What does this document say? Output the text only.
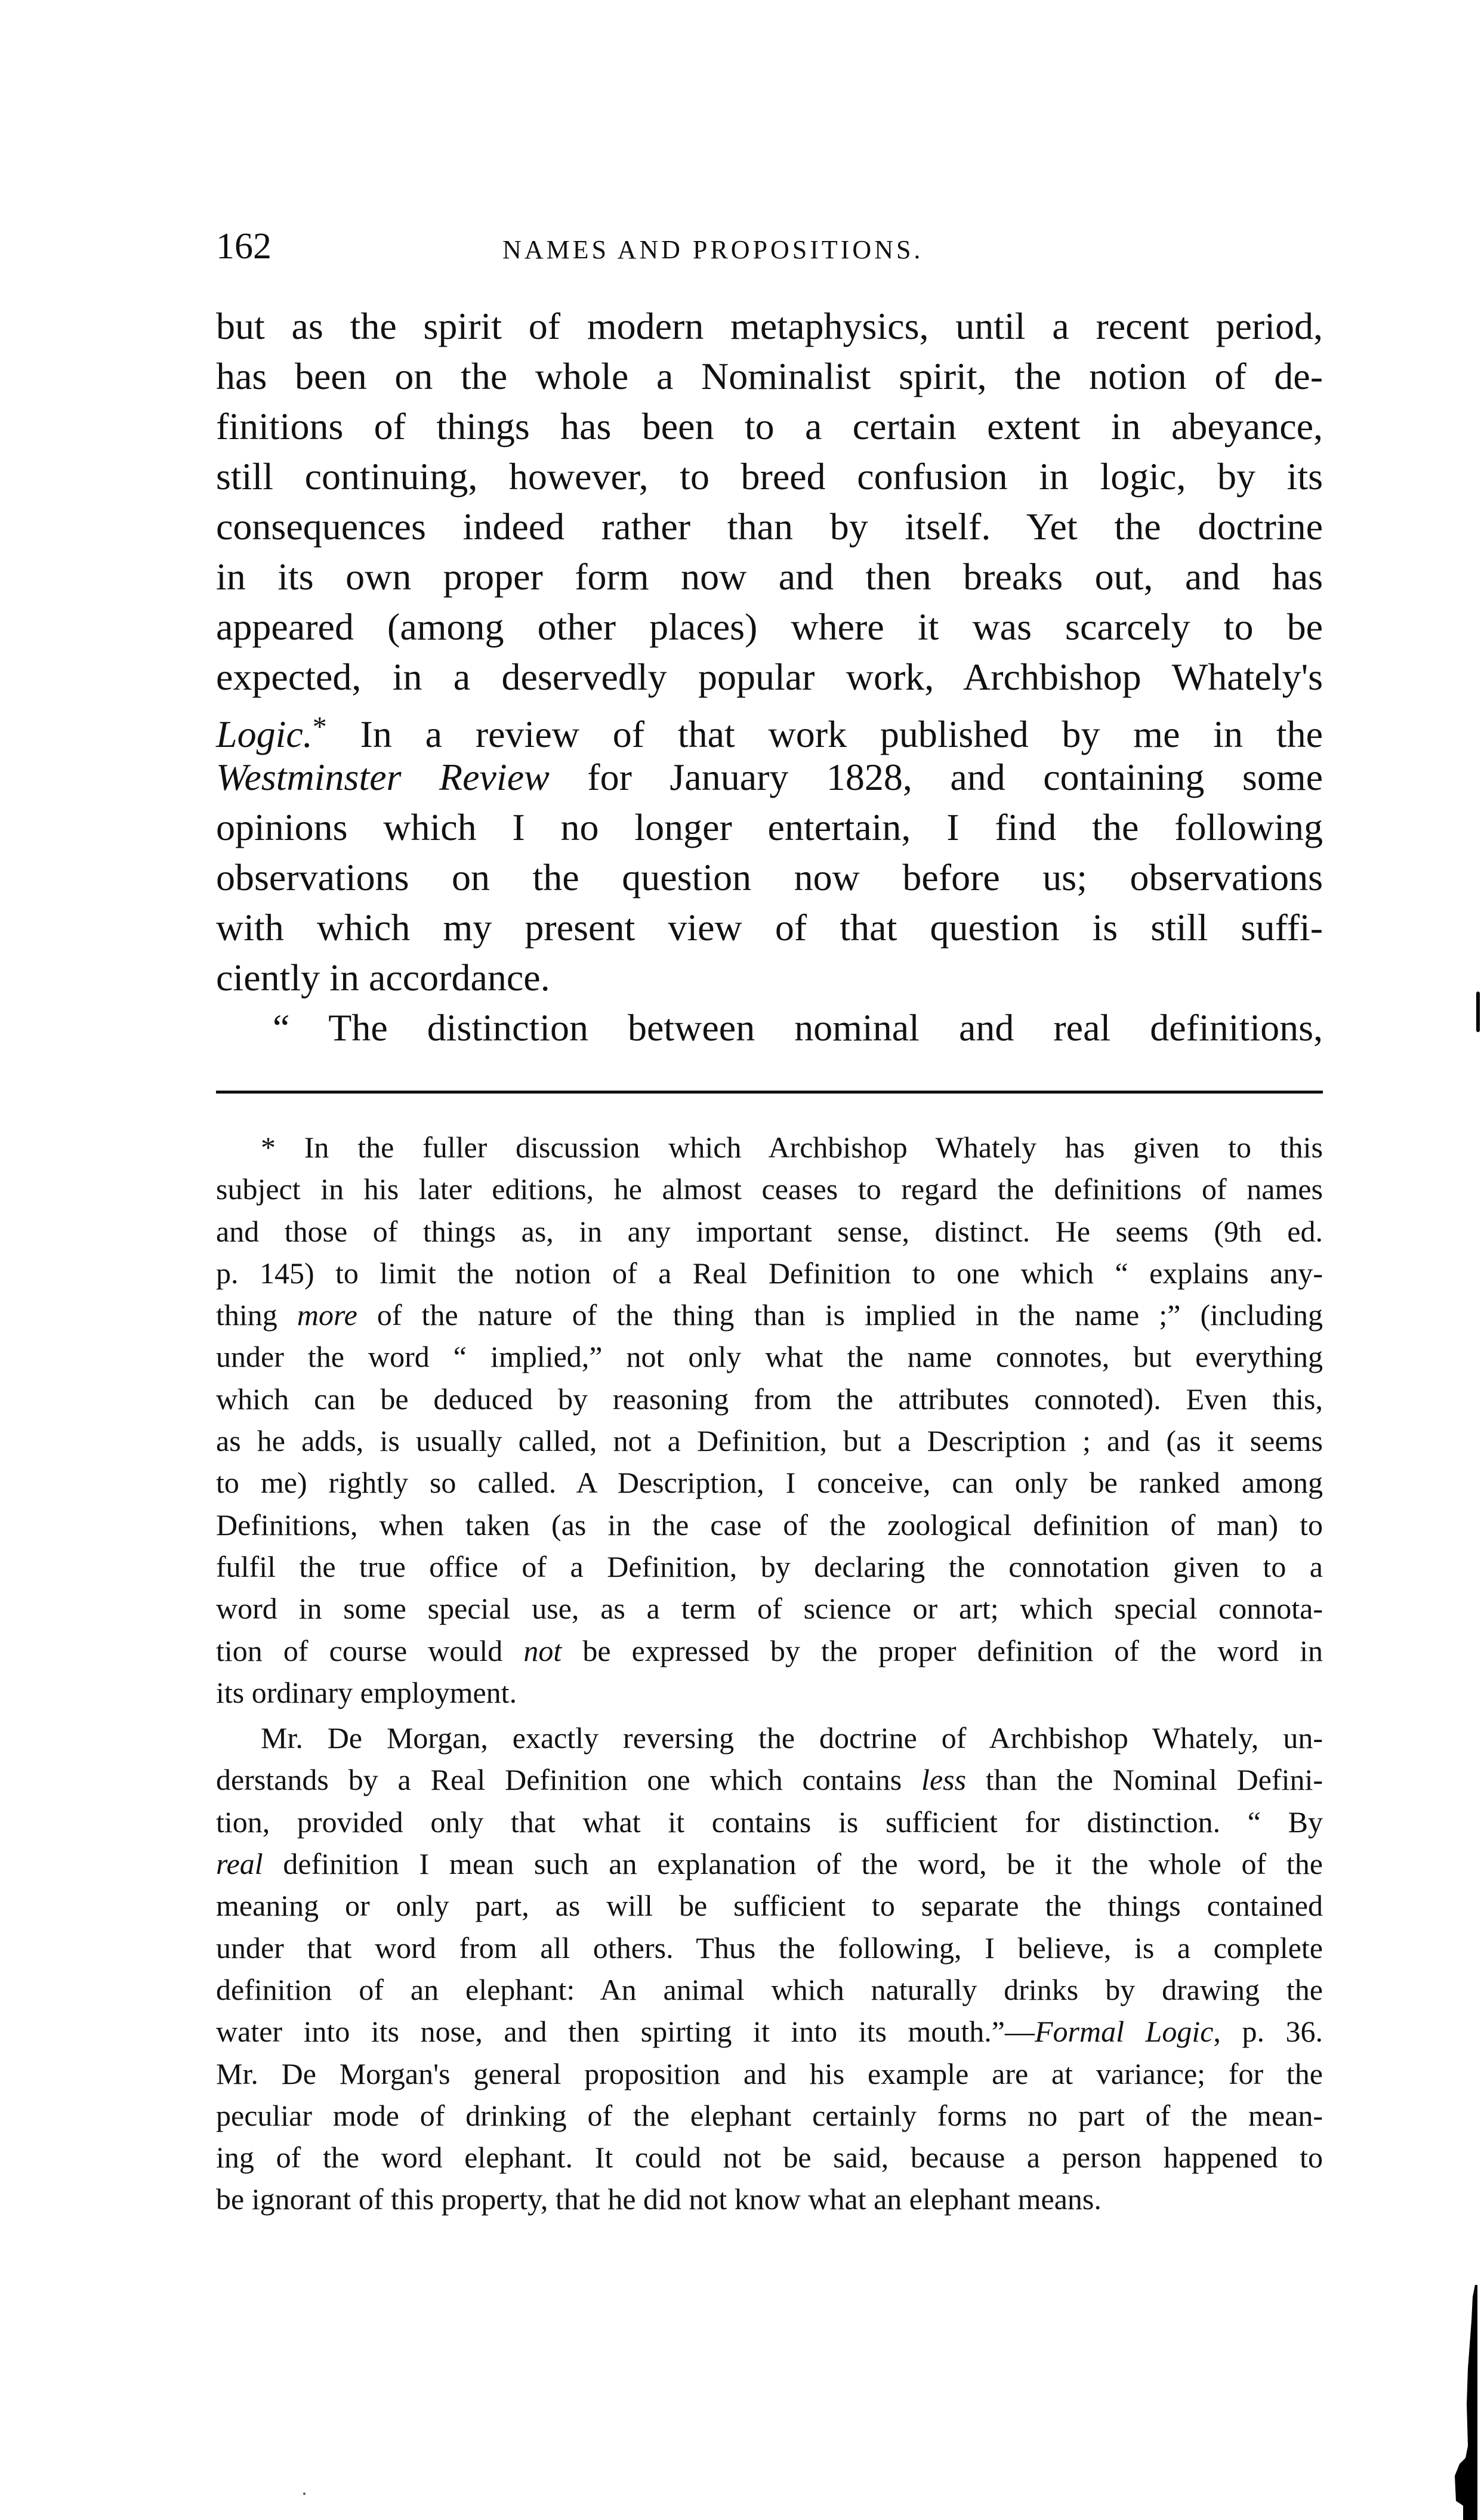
162	NAMES AND PROPOSITIONS.
but as the spirit of modern metaphysics, until a recent period,
has been on the whole a Nominalist spirit, the notion of de-
finitions of things has been to a certain extent in abeyance,
still continuing, however, to breed confusion in logic, by its
consequences indeed rather than by itself. Yet the doctrine
in its own proper form now and then breaks out, and has
appeared (among other places) where it was scarcely to be
expected, in a deservedly popular work, Archbishop Whately's
Logic.* In a review of that work published by me in the
Westminster Review for January 1828, and containing some
opinions which I no longer entertain, I find the following
observations on the question now before us; observations
with which my present view of that question is still suffi-
ciently in accordance.
“ The distinction between nominal and real definitions,
* In the fuller discussion which Archbishop Whately has given to this
subject in his later editions, he almost ceases to regard the definitions of names
and those of things as, in any important sense, distinct. He seems (9th ed.
p. 145) to limit the notion of a Real Definition to one which “ explains any-
thing more of the nature of the thing than is implied in the name ;” (including
under the word “ implied,” not only what the name connotes, but everything
which can be deduced by reasoning from the attributes connoted). Even this,
as he adds, is usually called, not a Definition, but a Description ; and (as it seems
to me) rightly so called. A Description, I conceive, can only be ranked among
Definitions, when taken (as in the case of the zoological definition of man) to
fulfil the true office of a Definition, by declaring the connotation given to a
word in some special use, as a term of science or art; which special connota-
tion of course would not be expressed by the proper definition of the word in
its ordinary employment.
Mr. De Morgan, exactly reversing the doctrine of Archbishop Whately, un-
derstands by a Real Definition one which contains less than the Nominal Defini-
tion, provided only that what it contains is sufficient for distinction. “ By
real definition I mean such an explanation of the word, be it the whole of the
meaning or only part, as will be sufficient to separate the things contained
under that word from all others. Thus the following, I believe, is a complete
definition of an elephant: An animal which naturally drinks by drawing the
water into its nose, and then spirting it into its mouth.”—Formal Logic, p. 36.
Mr. De Morgan's general proposition and his example are at variance; for the
peculiar mode of drinking of the elephant certainly forms no part of the mean-
ing of the word elephant. It could not be said, because a person happened to
be ignorant of this property, that he did not know what an elephant means.
